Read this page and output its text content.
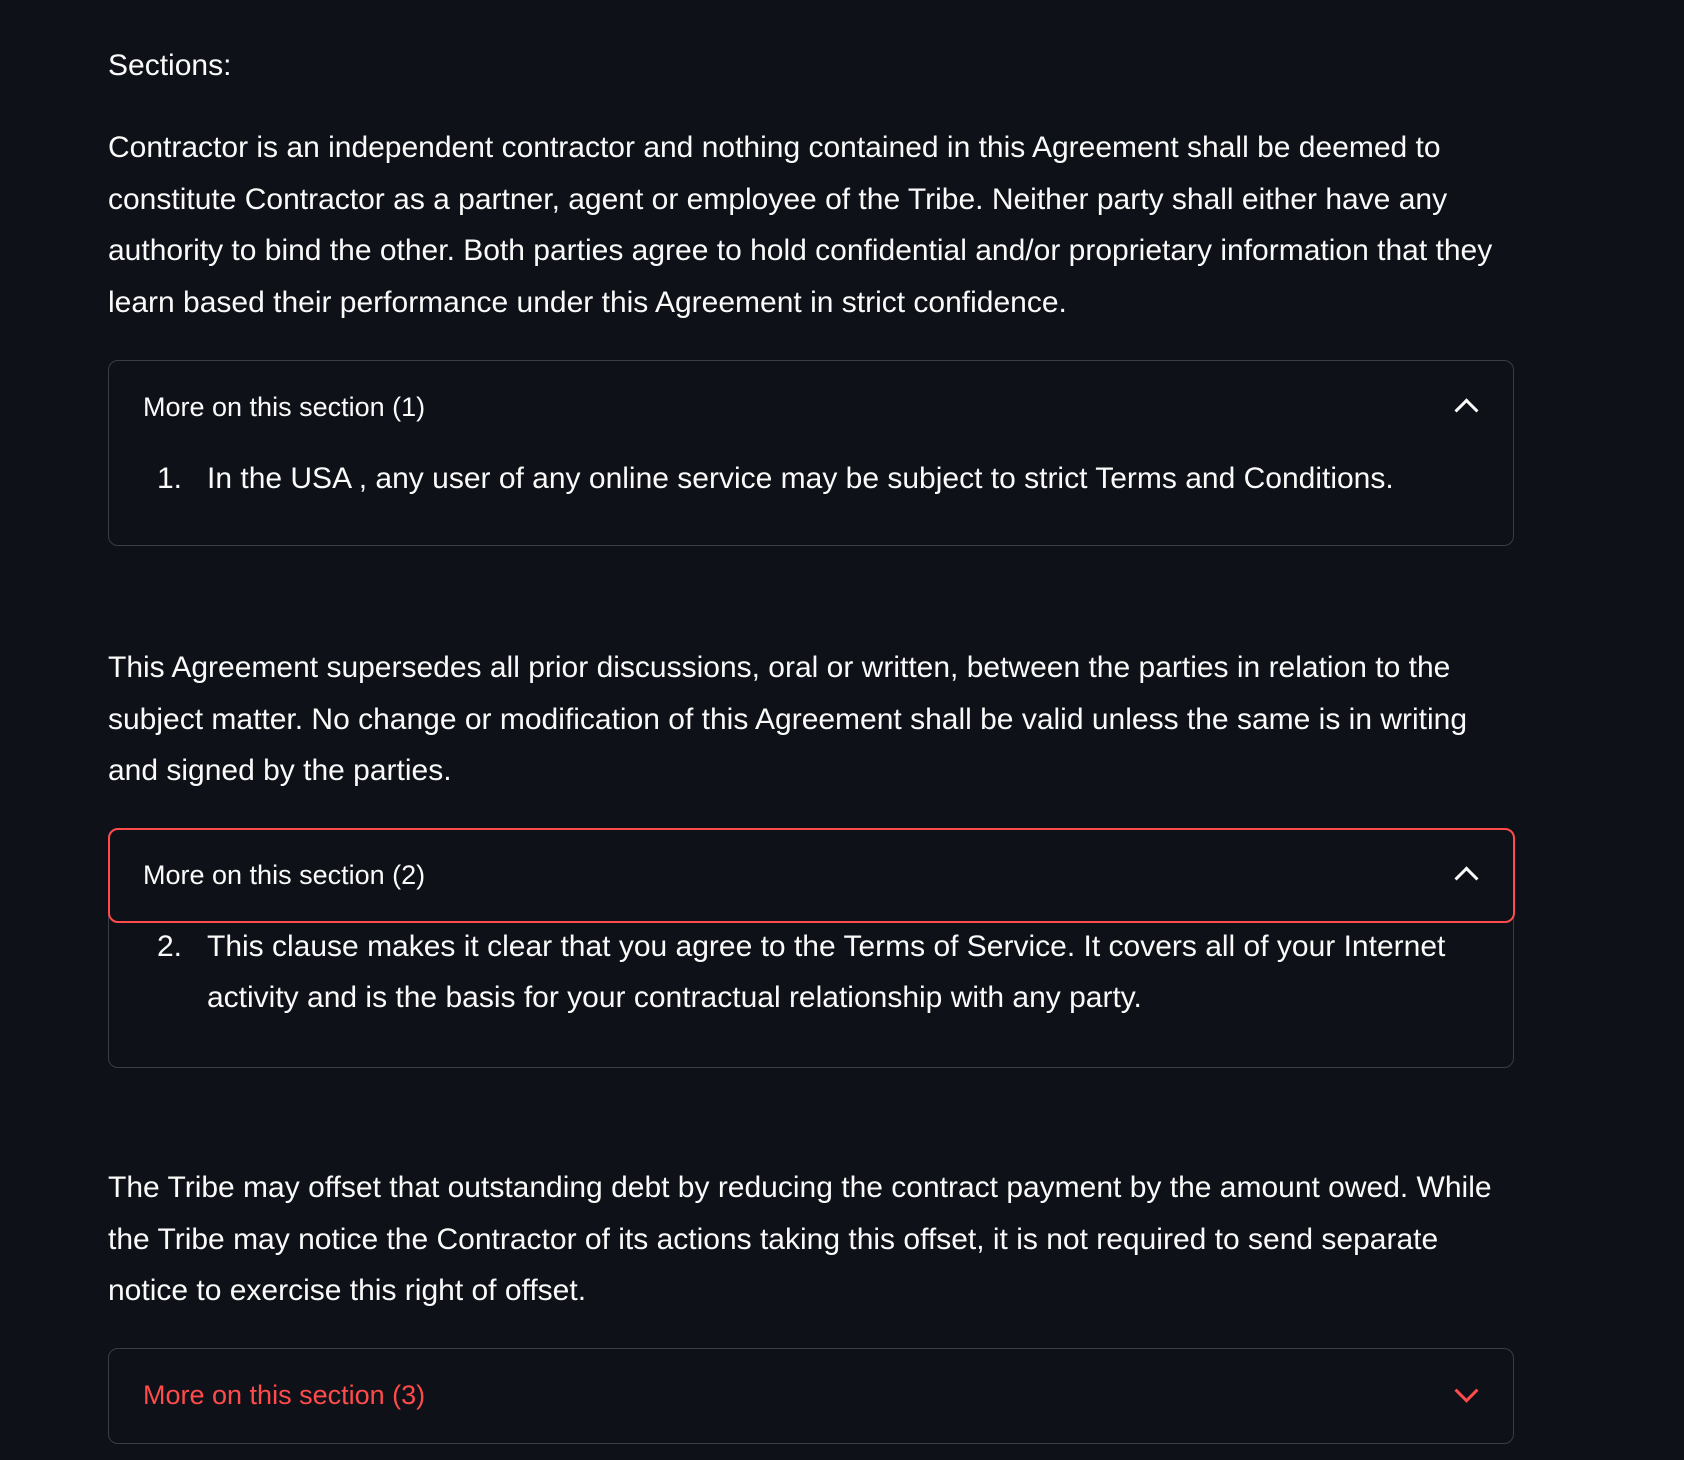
Sections:

Contractor is an independent contractor and nothing contained in this Agreement shall be deemed to constitute Contractor as a partner, agent or employee of the Tribe. Neither party shall either have any authority to bind the other. Both parties agree to hold confidential and/or proprietary information that they learn based their performance under this Agreement in strict confidence.

More on this section (1)
1. In the USA , any user of any online service may be subject to strict Terms and Conditions.

This Agreement supersedes all prior discussions, oral or written, between the parties in relation to the subject matter. No change or modification of this Agreement shall be valid unless the same is in writing and signed by the parties.

More on this section (2)
2. This clause makes it clear that you agree to the Terms of Service. It covers all of your Internet activity and is the basis for your contractual relationship with any party.

The Tribe may offset that outstanding debt by reducing the contract payment by the amount owed. While the Tribe may notice the Contractor of its actions taking this offset, it is not required to send separate notice to exercise this right of offset.

More on this section (3)
